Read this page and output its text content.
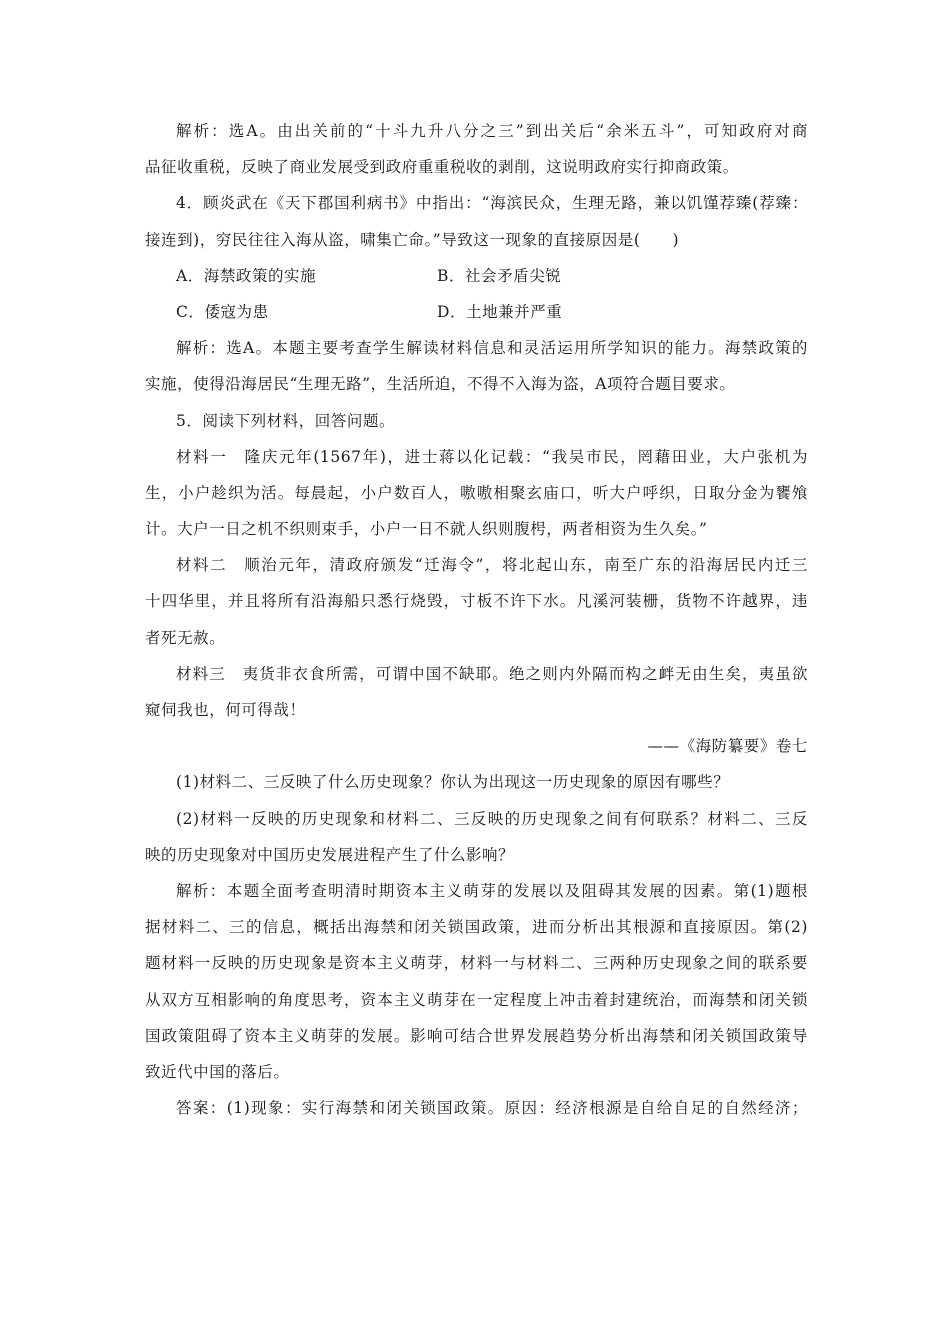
解析：选A。由出关前的“十斗九升八分之三”到出关后“余米五斗”，可知政府对商
品征收重税，反映了商业发展受到政府重重税收的剥削，这说明政府实行抑商政策。
4．顾炎武在《天下郡国利病书》中指出：“海滨民众，生理无路，兼以饥馑荐臻(荐臻：
接连到)，穷民往往入海从盗，啸集亡命。”导致这一现象的直接原因是(　　)
A．海禁政策的实施	B．社会矛盾尖锐
C．倭寇为患	D．土地兼并严重
解析：选A。本题主要考查学生解读材料信息和灵活运用所学知识的能力。海禁政策的
实施，使得沿海居民“生理无路”，生活所迫，不得不入海为盗，A项符合题目要求。
5．阅读下列材料，回答问题。
材料一　隆庆元年(1567年)，进士蒋以化记载：“我吴市民，罔藉田业，大户张机为
生，小户趁织为活。每晨起，小户数百人，嗷嗷相聚玄庙口，听大户呼织，日取分金为饔飧
计。大户一日之机不织则束手，小户一日不就人织则腹枵，两者相资为生久矣。”
材料二　顺治元年，清政府颁发“迁海令”，将北起山东，南至广东的沿海居民内迁三
十四华里，并且将所有沿海船只悉行烧毁，寸板不许下水。凡溪河装栅，货物不许越界，违
者死无赦。
材料三　夷货非衣食所需，可谓中国不缺耶。绝之则内外隔而构之衅无由生矣，夷虽欲
窥伺我也，何可得哉！
——《海防纂要》卷七
(1)材料二、三反映了什么历史现象？你认为出现这一历史现象的原因有哪些？
(2)材料一反映的历史现象和材料二、三反映的历史现象之间有何联系？材料二、三反
映的历史现象对中国历史发展进程产生了什么影响？
解析：本题全面考查明清时期资本主义萌芽的发展以及阻碍其发展的因素。第(1)题根
据材料二、三的信息，概括出海禁和闭关锁国政策，进而分析出其根源和直接原因。第(2)
题材料一反映的历史现象是资本主义萌芽，材料一与材料二、三两种历史现象之间的联系要
从双方互相影响的角度思考，资本主义萌芽在一定程度上冲击着封建统治，而海禁和闭关锁
国政策阻碍了资本主义萌芽的发展。影响可结合世界发展趋势分析出海禁和闭关锁国政策导
致近代中国的落后。
答案：(1)现象：实行海禁和闭关锁国政策。原因：经济根源是自给自足的自然经济；
